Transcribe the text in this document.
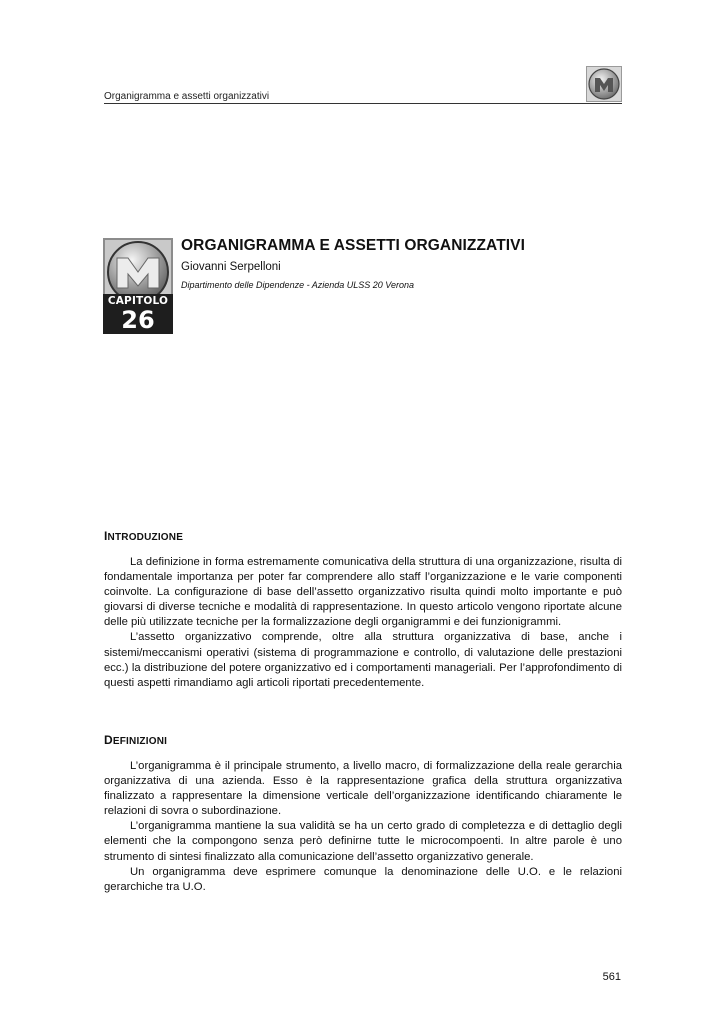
Organigramma e assetti organizzativi
CAPITOLO
26
ORGANIGRAMMA E ASSETTI ORGANIZZATIVI
Giovanni Serpelloni
Dipartimento delle Dipendenze - Azienda ULSS 20 Verona
INTRODUZIONE

La definizione in forma estremamente comunicativa della struttura di una organizzazione, risulta di fondamentale importanza per poter far comprendere allo staff l’organizzazione e le varie componenti coinvolte. La configurazione di base dell’assetto organizzativo risulta quindi molto importante e può giovarsi di diverse tecniche e modalità di rappresentazione. In questo articolo vengono riportate alcune delle più utilizzate tecniche per la formalizzazione degli organigrammi e dei funzionigrammi.

L’assetto organizzativo comprende, oltre alla struttura organizzativa di base, anche i sistemi/meccanismi operativi (sistema di programmazione e controllo, di valutazione delle prestazioni ecc.) la distribuzione del potere organizzativo ed i comportamenti manageriali. Per l’approfondimento di questi aspetti rimandiamo agli articoli riportati precedentemente.

DEFINIZIONI

L’organigramma è il principale strumento, a livello macro, di formalizzazione della reale gerarchia organizzativa di una azienda. Esso è la rappresentazione grafica della struttura organizzativa finalizzato a rappresentare la dimensione verticale dell’organizzazione identificando chiaramente le relazioni di sovra o subordinazione.

L’organigramma mantiene la sua validità se ha un certo grado di completezza e di dettaglio degli elementi che la compongono senza però definirne tutte le microcompoenti. In altre parole è uno strumento di sintesi finalizzato alla comunicazione dell’assetto organizzativo generale.

Un organigramma deve esprimere comunque la denominazione delle U.O. e le relazioni gerarchiche tra U.O.

561
